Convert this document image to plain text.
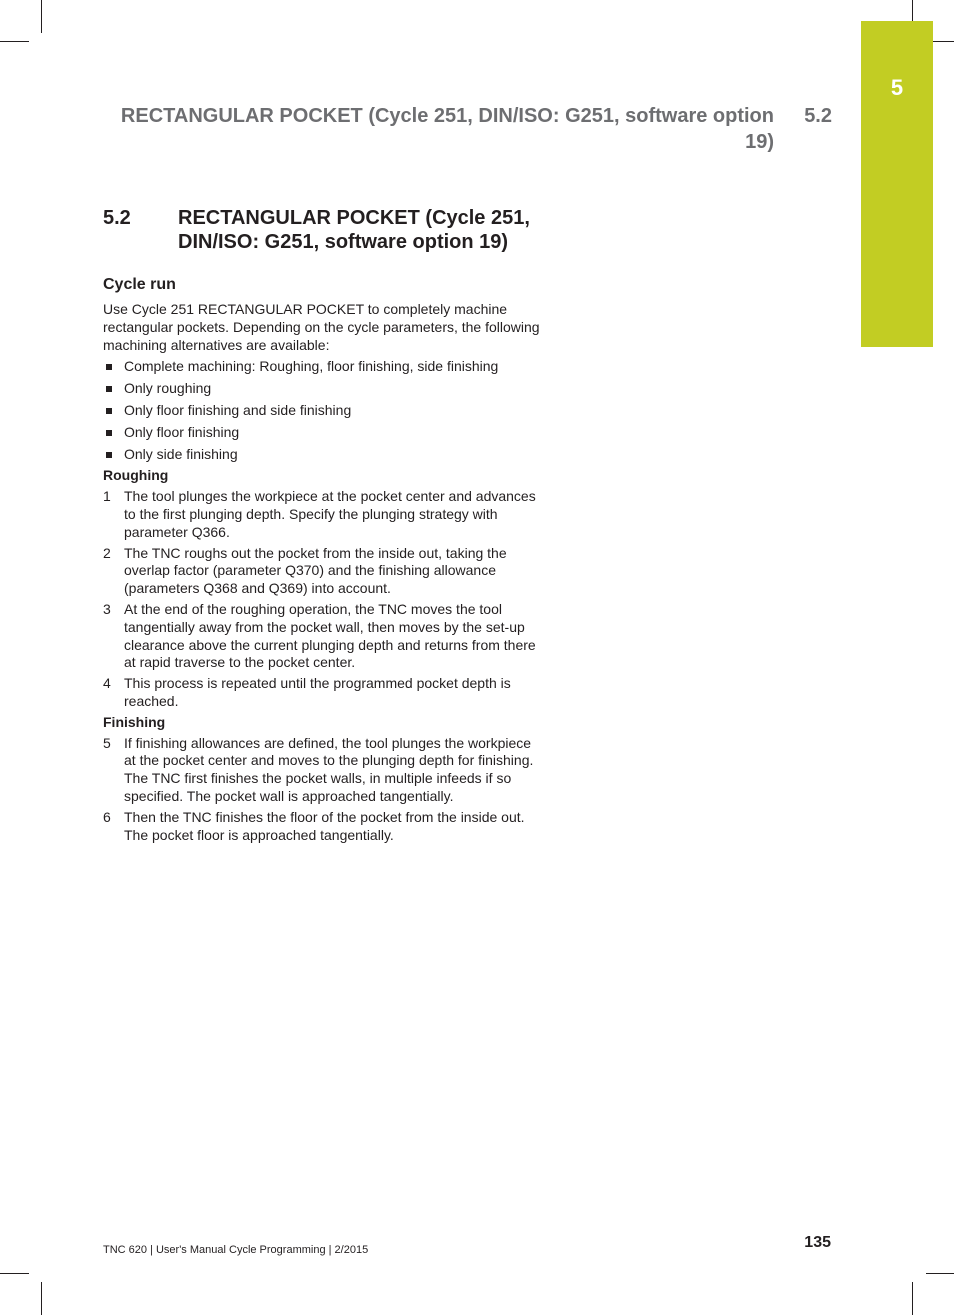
5
RECTANGULAR POCKET (Cycle 251, DIN/ISO: G251, software option 19)
5.2
5.2 RECTANGULAR POCKET (Cycle 251, DIN/ISO: G251, software option 19)
Cycle run

Use Cycle 251 RECTANGULAR POCKET to completely machine rectangular pockets. Depending on the cycle parameters, the following machining alternatives are available:

Complete machining: Roughing, floor finishing, side finishing
Only roughing
Only floor finishing and side finishing
Only floor finishing
Only side finishing
Roughing
1 The tool plunges the workpiece at the pocket center and advances to the first plunging depth. Specify the plunging strategy with parameter Q366.
2 The TNC roughs out the pocket from the inside out, taking the overlap factor (parameter Q370) and the finishing allowance (parameters Q368 and Q369) into account.
3 At the end of the roughing operation, the TNC moves the tool tangentially away from the pocket wall, then moves by the set-up clearance above the current plunging depth and returns from there at rapid traverse to the pocket center.
4 This process is repeated until the programmed pocket depth is reached.
Finishing
5 If finishing allowances are defined, the tool plunges the workpiece at the pocket center and moves to the plunging depth for finishing. The TNC first finishes the pocket walls, in multiple infeeds if so specified. The pocket wall is approached tangentially.
6 Then the TNC finishes the floor of the pocket from the inside out. The pocket floor is approached tangentially.
TNC 620 | User's Manual Cycle Programming | 2/2015	135
